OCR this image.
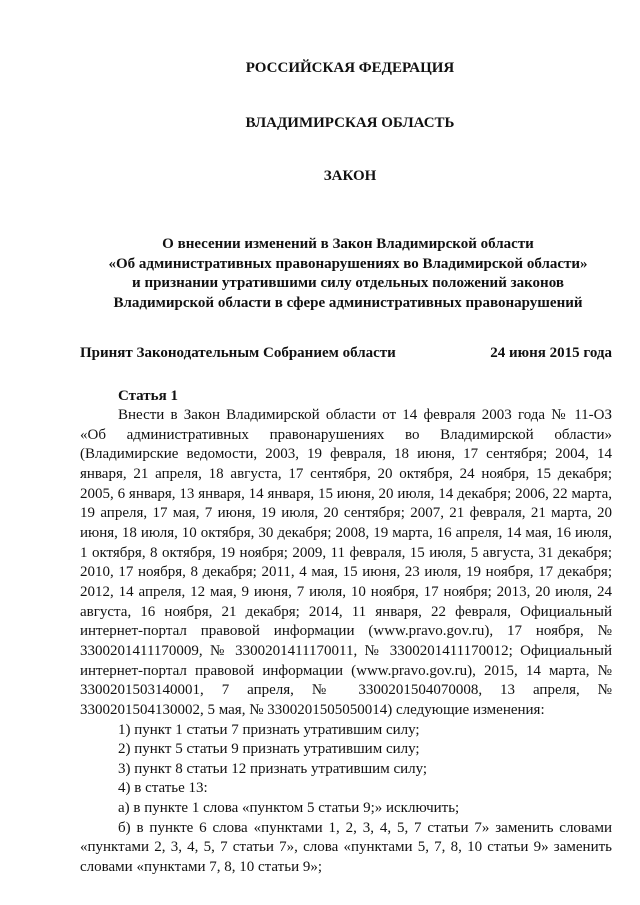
РОССИЙСКАЯ ФЕДЕРАЦИЯ
ВЛАДИМИРСКАЯ ОБЛАСТЬ
ЗАКОН
О внесении изменений в Закон Владимирской области
«Об административных правонарушениях во Владимирской области»
и признании утратившими силу отдельных положений законов
Владимирской области в сфере административных правонарушений
Принят Законодательным Собранием области	24 июня 2015 года
Статья 1

Внести в Закон Владимирской области от 14 февраля 2003 года № 11-ОЗ «Об административных правонарушениях во Владимирской области» (Владимирские ведомости, 2003, 19 февраля, 18 июня, 17 сентября; 2004, 14 января, 21 апреля, 18 августа, 17 сентября, 20 октября, 24 ноября, 15 декабря; 2005, 6 января, 13 января, 14 января, 15 июня, 20 июля, 14 декабря; 2006, 22 марта, 19 апреля, 17 мая, 7 июня, 19 июля, 20 сентября; 2007, 21 февраля, 21 марта, 20 июня, 18 июля, 10 октября, 30 декабря; 2008, 19 марта, 16 апреля, 14 мая, 16 июля, 1 октября, 8 октября, 19 ноября; 2009, 11 февраля, 15 июля, 5 августа, 31 декабря; 2010, 17 ноября, 8 декабря; 2011, 4 мая, 15 июня, 23 июля, 19 ноября, 17 декабря; 2012, 14 апреля, 12 мая, 9 июня, 7 июля, 10 ноября, 17 ноября; 2013, 20 июля, 24 августа, 16 ноября, 21 декабря; 2014, 11 января, 22 февраля, Официальный интернет-портал правовой информации (www.pravo.gov.ru), 17 ноября, № 3300201411170009, № 3300201411170011, № 3300201411170012; Официальный интернет-портал правовой информации (www.pravo.gov.ru), 2015, 14 марта, № 3300201503140001, 7 апреля, № 3300201504070008, 13 апреля, № 3300201504130002, 5 мая, № 3300201505050014) следующие изменения:

1) пункт 1 статьи 7 признать утратившим силу;

2) пункт 5 статьи 9 признать утратившим силу;

3) пункт 8 статьи 12 признать утратившим силу;

4) в статье 13:

а) в пункте 1 слова «пунктом 5 статьи 9;» исключить;

б) в пункте 6 слова «пунктами 1, 2, 3, 4, 5, 7 статьи 7» заменить словами «пунктами 2, 3, 4, 5, 7 статьи 7», слова «пунктами 5, 7, 8, 10 статьи 9» заменить словами «пунктами 7, 8, 10 статьи 9»;
